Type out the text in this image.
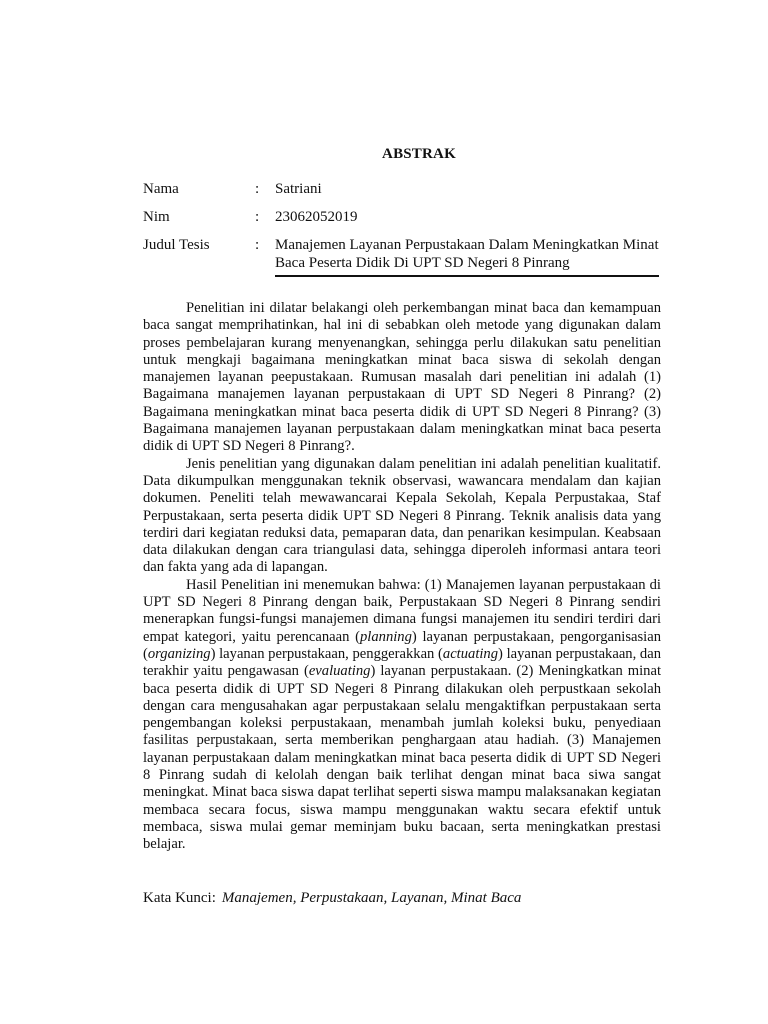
ABSTRAK
Nama	: Satriani
Nim	: 23062052019
Judul Tesis	: Manajemen Layanan Perpustakaan Dalam Meningkatkan Minat
Baca Peserta Didik Di UPT SD Negeri 8 Pinrang

Penelitian ini dilatar belakangi oleh perkembangan minat baca dan kemampuan baca sangat memprihatinkan, hal ini di sebabkan oleh metode yang digunakan dalam proses pembelajaran kurang menyenangkan, sehingga perlu dilakukan satu penelitian untuk mengkaji bagaimana meningkatkan minat baca siswa di sekolah dengan manajemen layanan peepustakaan. Rumusan masalah dari penelitian ini adalah (1) Bagaimana manajemen layanan perpustakaan di UPT SD Negeri 8 Pinrang? (2) Bagaimana meningkatkan minat baca peserta didik di UPT SD Negeri 8 Pinrang? (3) Bagaimana manajemen layanan perpustakaan dalam meningkatkan minat baca peserta didik di UPT SD Negeri 8 Pinrang?.

Jenis penelitian yang digunakan dalam penelitian ini adalah penelitian kualitatif. Data dikumpulkan menggunakan teknik observasi, wawancara mendalam dan kajian dokumen. Peneliti telah mewawancarai Kepala Sekolah, Kepala Perpustakaa, Staf Perpustakaan, serta peserta didik UPT SD Negeri 8 Pinrang. Teknik analisis data yang terdiri dari kegiatan reduksi data, pemaparan data, dan penarikan kesimpulan. Keabsaan data dilakukan dengan cara triangulasi data, sehingga diperoleh informasi antara teori dan fakta yang ada di lapangan.

Hasil Penelitian ini menemukan bahwa: (1) Manajemen layanan perpustakaan di UPT SD Negeri 8 Pinrang dengan baik, Perpustakaan SD Negeri 8 Pinrang sendiri menerapkan fungsi-fungsi manajemen dimana fungsi manajemen itu sendiri terdiri dari empat kategori, yaitu perencanaan (planning) layanan perpustakaan, pengorganisasian (organizing) layanan perpustakaan, penggerakkan (actuating) layanan perpustakaan, dan terakhir yaitu pengawasan (evaluating) layanan perpustakaan. (2) Meningkatkan minat baca peserta didik di UPT SD Negeri 8 Pinrang dilakukan oleh perpustkaan sekolah dengan cara mengusahakan agar perpustakaan selalu mengaktifkan perpustakaan serta pengembangan koleksi perpustakaan, menambah jumlah koleksi buku, penyediaan fasilitas perpustakaan, serta memberikan penghargaan atau hadiah. (3) Manajemen layanan perpustakaan dalam meningkatkan minat baca peserta didik di UPT SD Negeri 8 Pinrang sudah di kelolah dengan baik terlihat dengan minat baca siwa sangat meningkat. Minat baca siswa dapat terlihat seperti siswa mampu malaksanakan kegiatan membaca secara focus, siswa mampu menggunakan waktu secara efektif untuk membaca, siswa mulai gemar meminjam buku bacaan, serta meningkatkan prestasi belajar.

Kata Kunci: Manajemen, Perpustakaan, Layanan, Minat Baca
